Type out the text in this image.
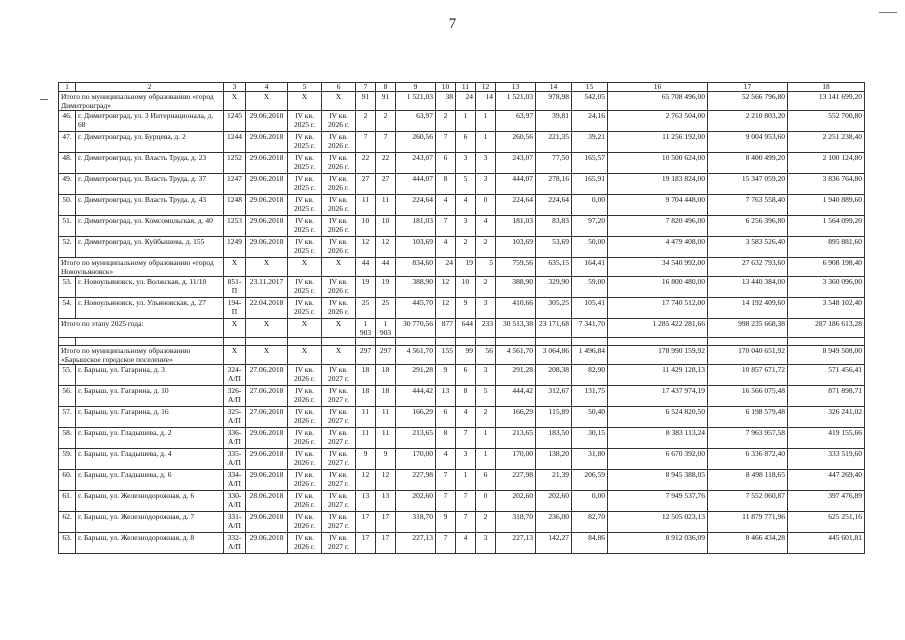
7
1	2	3	4	5	6	7	8	9	10	11	12	13	14	15	16	17	18
Итого по муниципальному образованию «город Димитровград»		X	X	X	X	91	91	1 521,03	38	24	14	1 521,03	978,98	542,05	65 708 496,00	52 566 796,80	13 141 699,20
46.	г. Димитровград, ул. 3 Интернационала, д. 68	1245	29.06.2018	IV кв. 2025 г.	IV кв. 2026 г.	2	2	63,97	2	1	1	63,97	39,81	24,16	2 763 504,00	2 210 803,20	552 700,80
47.	г. Димитровград, ул. Бурцева, д. 2	1244	29.06.2018	IV кв. 2025 г.	IV кв. 2026 г.	7	7	260,56	7	6	1	260,56	221,35	39,21	11 256 192,00	9 004 953,60	2 251 238,40
48.	г. Димитровград, ул. Власть Труда, д. 23	1252	29.06.2018	IV кв. 2025 г.	IV кв. 2026 г.	22	22	243,07	6	3	3	243,07	77,50	165,57	10 500 624,00	8 400 499,20	2 100 124,80
49.	г. Димитровград, ул. Власть Труда, д. 37	1247	29.06.2018	IV кв. 2025 г.	IV кв. 2026 г.	27	27	444,07	8	5	3	444,07	278,16	165,91	19 183 824,00	15 347 059,20	3 836 764,80
50.	г. Димитровград, ул. Власть Труда, д. 43	1248	29.06.2018	IV кв. 2025 г.	IV кв. 2026 г.	11	11	224,64	4	4	0	224,64	224,64	0,00	9 704 448,00	7 763 558,40	1 940 889,60
51.	г. Димитровград, ул. Комсомольская, д. 40	1253	29.06.2018	IV кв. 2025 г.	IV кв. 2026 г.	10	10	181,03	7	3	4	181,03	83,83	97,20	7 820 496,00	6 256 396,80	1 564 099,20
52.	г. Димитровград, ул. Куйбышева, д. 155	1249	29.06.2018	IV кв. 2025 г.	IV кв. 2026 г.	12	12	103,69	4	2	2	103,69	53,69	50,00	4 479 408,00	3 583 526,40	895 881,60
Итого по муниципальному образованию «город Новоульяновск»		X	X	X	X	44	44	834,60	24	19	5	759,56	635,15	164,41	34 540 992,00	27 632 793,60	6 908 198,40
53.	г. Новоульяновск, ул. Волжская, д. 11/10	851-П	23.11.2017	IV кв. 2025 г.	IV кв. 2026 г.	19	19	388,90	12	10	2	388,90	329,90	59,00	16 800 480,00	13 440 384,00	3 360 096,00
54.	г. Новоульяновск, ул. Ульяновская, д. 27	194-П	22.04.2018	IV кв. 2025 г.	IV кв. 2026 г.	25	25	445,70	12	9	3	410,66	305,25	105,41	17 740 512,00	14 192 409,60	3 548 102,40
Итого по этапу 2025 года:		X	X	X	X	1 903	1 903	30 770,56	877	644	233	30 513,38	23 171,68	7 341,70	1 285 422 281,66	998 235 668,38	287 186 613,28

Итого по муниципальному образованию «Барышское городское поселение»		X	X	X	X	297	297	4 561,70	155	99	56	4 561,70	3 064,86	1 496,84	178 990 159,92	170 040 651,92	8 949 508,00
55.	г. Барыш, ул. Гагарина, д. 3	324-А/П	27.06.2018	IV кв. 2026 г.	IV кв. 2027 г.	18	18	291,28	9	6	3	291,28	208,38	82,90	11 429 128,13	10 857 671,72	571 456,41
56.	г. Барыш, ул. Гагарина, д. 10	326-А/П	27.06.2018	IV кв. 2026 г.	IV кв. 2027 г.	18	18	444,42	13	8	5	444,42	312,67	131,75	17 437 974,19	16 566 075,48	871 898,71
57.	г. Барыш, ул. Гагарина, д. 16	325-А/П	27.06.2018	IV кв. 2026 г.	IV кв. 2027 г.	11	11	166,29	6	4	2	166,29	115,89	50,40	6 524 820,50	6 198 579,48	326 241,02
58.	г. Барыш, ул. Гладышева, д. 2	336-А/П	29.06.2018	IV кв. 2026 г.	IV кв. 2027 г.	11	11	213,65	8	7	1	213,65	183,50	30,15	8 383 113,24	7 963 957,58	419 155,66
59.	г. Барыш, ул. Гладышева, д. 4	335-А/П	29.06.2018	IV кв. 2026 г.	IV кв. 2027 г.	9	9	170,00	4	3	1	170,00	138,20	31,80	6 670 392,00	6 336 872,40	333 519,60
60.	г. Барыш, ул. Гладышева, д. 6	334-А/П	29.06.2018	IV кв. 2026 г.	IV кв. 2027 г.	12	12	227,98	7	1	6	227,98	21,39	206,59	8 945 388,05	8 498 118,65	447 269,40
61.	г. Барыш, ул. Железнодорожная, д. 6	330-А/П	28.06.2018	IV кв. 2026 г.	IV кв. 2027 г.	13	13	202,60	7	7	0	202,60	202,60	0,00	7 949 537,76	7 552 060,87	397 476,89
62.	г. Барыш, ул. Железнодорожная, д. 7	331-А/П	29.06.2018	IV кв. 2026 г.	IV кв. 2027 г.	17	17	318,70	9	7	2	318,70	236,00	82,70	12 505 023,13	11 879 771,96	625 251,16
63.	г. Барыш, ул. Железнодорожная, д. 8	332-А/П	29.06.2018	IV кв. 2026 г.	IV кв. 2027 г.	17	17	227,13	7	4	3	227,13	142,27	84,86	8 912 036,09	8 466 434,28	445 601,81
